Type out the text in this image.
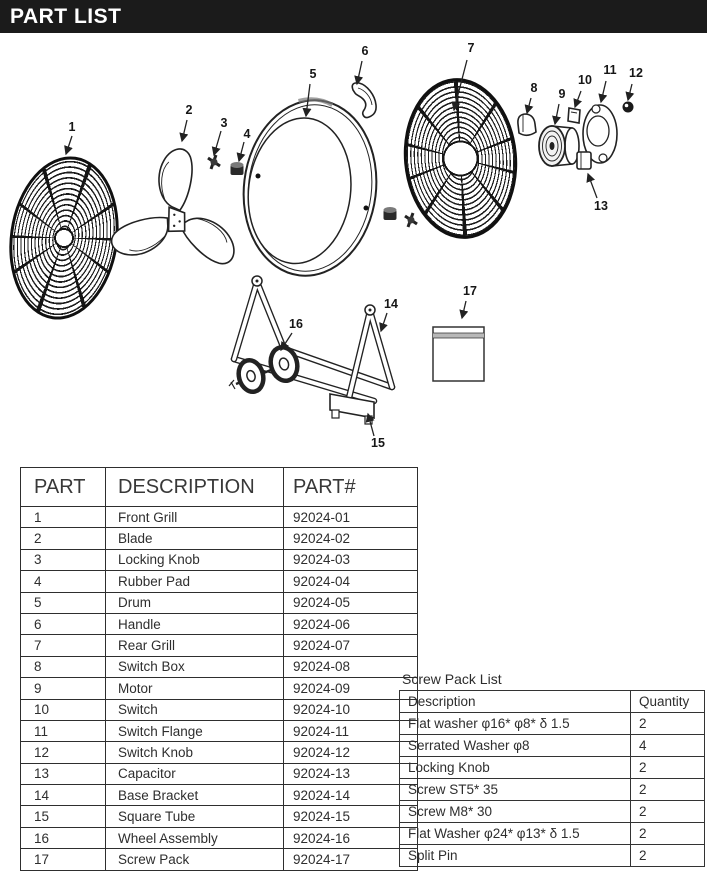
PART LIST
1
2
3
4
5
6	7
8 9
10
11 12
13
14
15
16
17
PART	DESCRIPTION	PART#
1	Front Grill	92024-01
2	Blade	92024-02
3	Locking Knob	92024-03
4	Rubber Pad	92024-04
5	Drum	92024-05
6	Handle	92024-06
7	Rear Grill	92024-07
8	Switch Box	92024-08
9	Motor	92024-09
10	Switch	92024-10
11	Switch Flange	92024-11
12	Switch Knob	92024-12
13	Capacitor	92024-13
14	Base Bracket	92024-14
15	Square Tube	92024-15
16	Wheel Assembly	92024-16
17	Screw Pack	92024-17
Screw Pack List
Description	Quantity
Flat washer φ16* φ8* δ 1.5	2
Serrated Washer φ8	4
Locking Knob	2
Screw ST5* 35	2
Screw M8* 30	2
Flat Washer φ24* φ13* δ 1.5	2
Split Pin	2
